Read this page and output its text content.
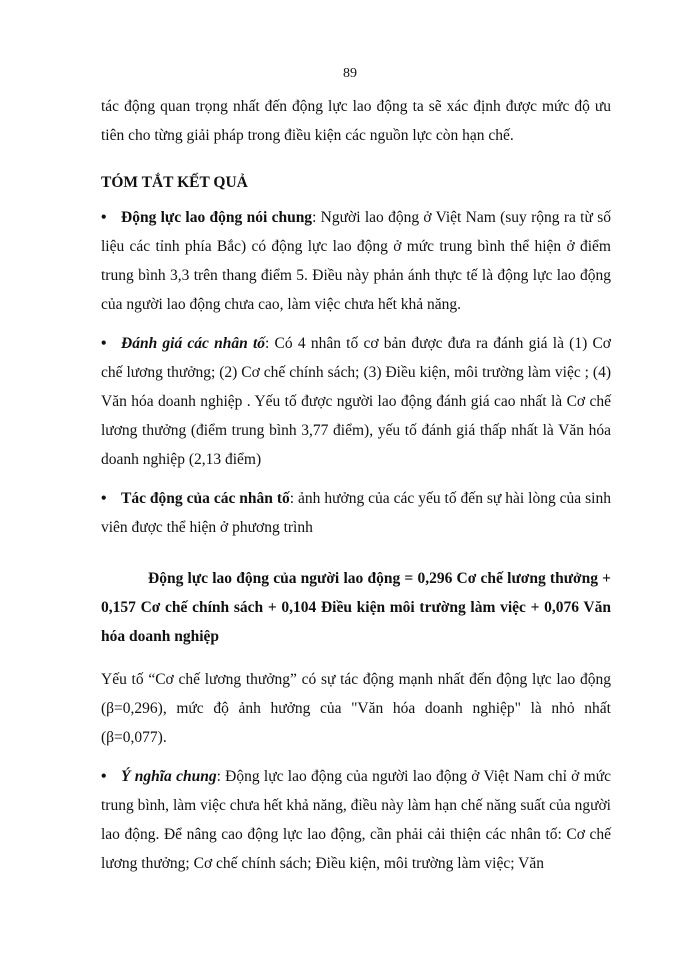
89

tác động quan trọng nhất đến động lực lao động ta sẽ xác định được mức độ ưu tiên cho từng giải pháp trong điều kiện các nguồn lực còn hạn chế.

TÓM TẮT KẾT QUẢ

• Động lực lao động nói chung: Người lao động ở Việt Nam (suy rộng ra từ số liệu các tỉnh phía Bắc) có động lực lao động ở mức trung bình thể hiện ở điểm trung bình 3,3 trên thang điểm 5. Điều này phản ánh thực tế là động lực lao động của người lao động chưa cao, làm việc chưa hết khả năng.

• Đánh giá các nhân tố: Có 4 nhân tố cơ bản được đưa ra đánh giá là (1) Cơ chế lương thưởng; (2) Cơ chế chính sách; (3) Điều kiện, môi trường làm việc ; (4) Văn hóa doanh nghiệp . Yếu tố được người lao động đánh giá cao nhất là Cơ chế lương thưởng (điểm trung bình 3,77 điểm), yếu tố đánh giá thấp nhất là Văn hóa doanh nghiệp (2,13 điểm)

• Tác động của các nhân tố: ảnh hưởng của các yếu tố đến sự hài lòng của sinh viên được thể hiện ở phương trình

Động lực lao động của người lao động = 0,296 Cơ chế lương thưởng + 0,157 Cơ chế chính sách + 0,104 Điều kiện môi trường làm việc + 0,076 Văn hóa doanh nghiệp

Yếu tố “Cơ chế lương thưởng” có sự tác động mạnh nhất đến động lực lao động (β=0,296), mức độ ảnh hưởng của "Văn hóa doanh nghiệp" là nhỏ nhất (β=0,077).

• Ý nghĩa chung: Động lực lao động của người lao động ở Việt Nam chỉ ở mức trung bình, làm việc chưa hết khả năng, điều này làm hạn chế năng suất của người lao động. Để nâng cao động lực lao động, cần phải cải thiện các nhân tố: Cơ chế lương thưởng; Cơ chế chính sách; Điều kiện, môi trường làm việc; Văn
